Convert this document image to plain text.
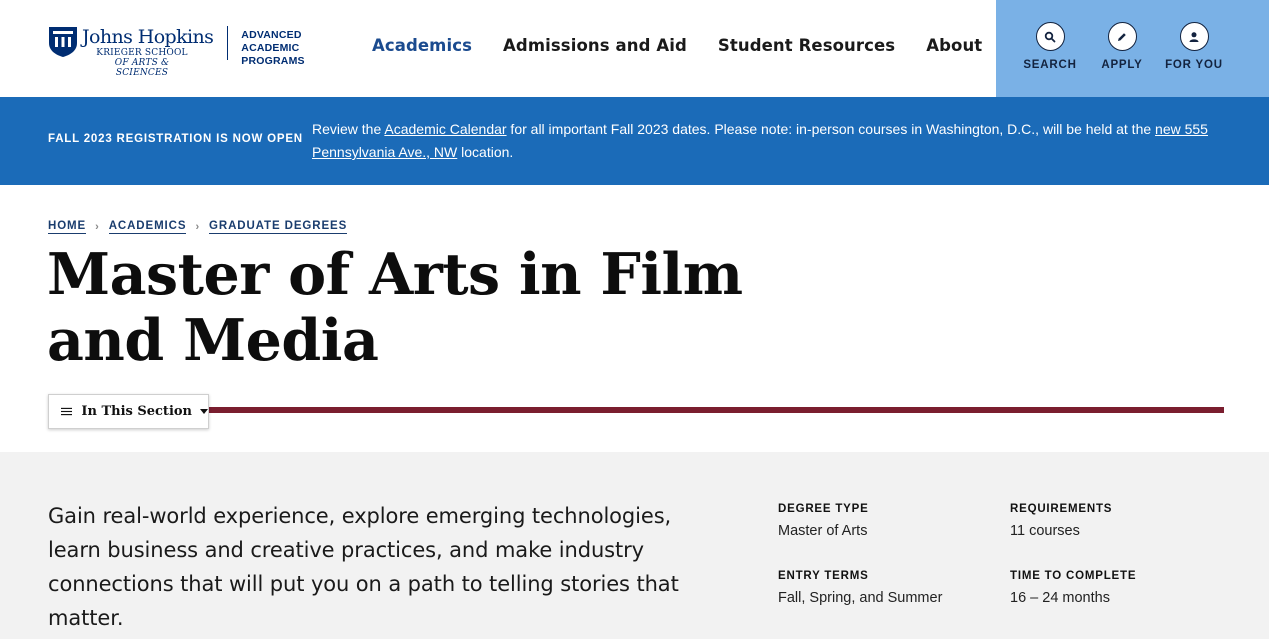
Johns Hopkins
KRIEGER SCHOOL
OF ARTS & SCIENCES
ADVANCED
ACADEMIC
PROGRAMS
Academics Admissions and Aid Student Resources About
SEARCH	APPLY	FOR YOU
FALL 2023 REGISTRATION IS NOW OPEN
Review the Academic Calendar for all important Fall 2023 dates. Please note: in-person courses in Washington, D.C., will be held at the new 555 Pennsylvania Ave., NW location.
HOME › ACADEMICS › GRADUATE DEGREES
Master of Arts in Film and Media
In This Section

Gain real-world experience, explore emerging technologies, learn business and creative practices, and make industry connections that will put you on a path to telling stories that matter.

DEGREE TYPE
Master of Arts
REQUIREMENTS
11 courses
ENTRY TERMS
Fall, Spring, and Summer
TIME TO COMPLETE
16 – 24 months
